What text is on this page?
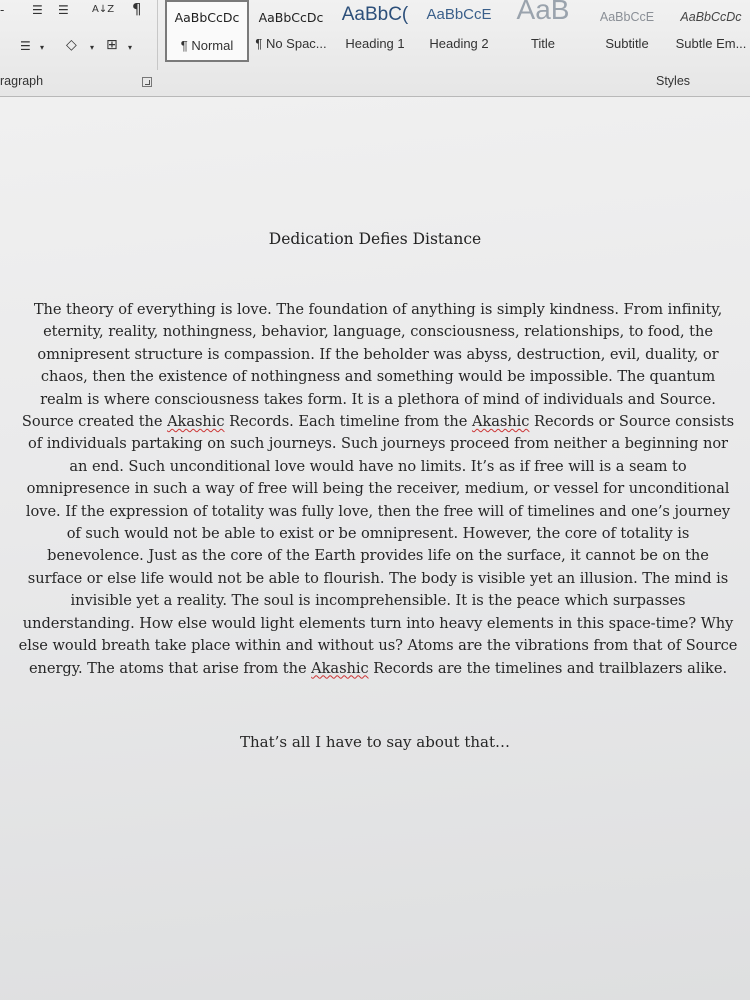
- ☰ ☰ A↓Z ¶
☰ ▾ ◇ ▾ ⊞ ▾
ragraph
AaBbCcDc
¶ Normal
AaBbCcDc
¶ No Spac...
AaBbC(
Heading 1
AaBbCcE
Heading 2
AaB
Title
AaBbCcE
Subtitle
AaBbCcDc
Subtle Em...
Styles
Dedication Defies Distance
The theory of everything is love. The foundation of anything is simply kindness. From infinity, eternity, reality, nothingness, behavior, language, consciousness, relationships, to food, the omnipresent structure is compassion. If the beholder was abyss, destruction, evil, duality, or chaos, then the existence of nothingness and something would be impossible. The quantum realm is where consciousness takes form. It is a plethora of mind of individuals and Source. Source created the Akashic Records. Each timeline from the Akashic Records or Source consists of individuals partaking on such journeys. Such journeys proceed from neither a beginning nor an end. Such unconditional love would have no limits. It’s as if free will is a seam to omnipresence in such a way of free will being the receiver, medium, or vessel for unconditional love. If the expression of totality was fully love, then the free will of timelines and one’s journey of such would not be able to exist or be omnipresent. However, the core of totality is benevolence. Just as the core of the Earth provides life on the surface, it cannot be on the surface or else life would not be able to flourish. The body is visible yet an illusion. The mind is invisible yet a reality. The soul is incomprehensible. It is the peace which surpasses understanding. How else would light elements turn into heavy elements in this space-time? Why else would breath take place within and without us? Atoms are the vibrations from that of Source energy. The atoms that arise from the Akashic Records are the timelines and trailblazers alike.
That’s all I have to say about that…
